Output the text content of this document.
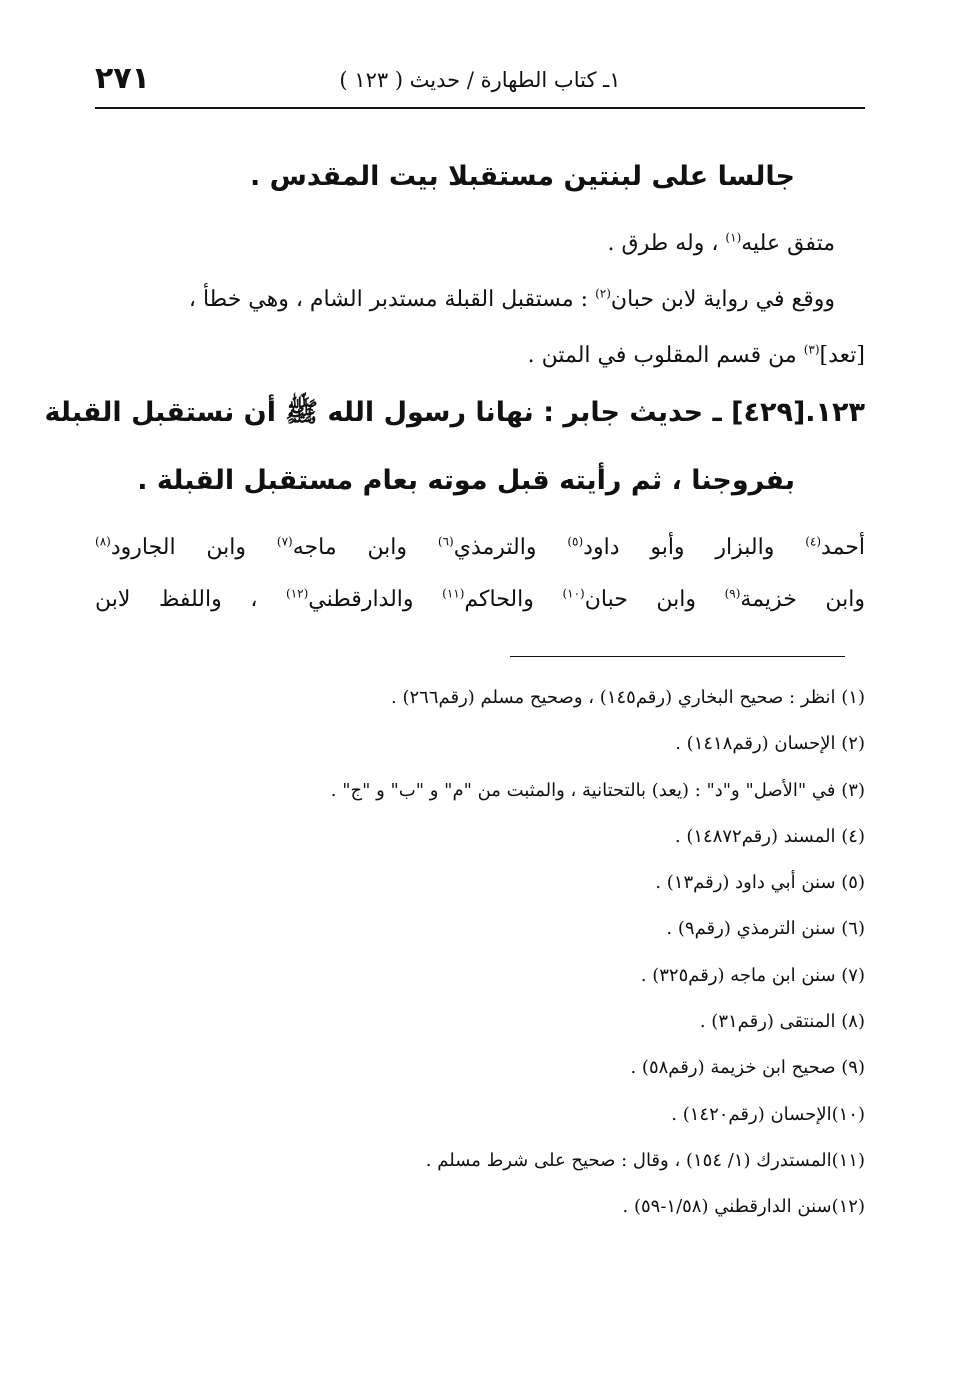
٢٧١	١ـ كتاب الطهارة / حديث ( ١٢٣ )
جالسا على لبنتين مستقبلا بيت المقدس .
متفق عليه$^{(١)}$ ، وله طرق .
ووقع في رواية لابن حبان$^{(٢)}$ : مستقبل القبلة مستدبر الشام ، وهي خطأ ،
[تعد]$^{(٣)}$ من قسم المقلوب في المتن .
١٢٣.[٤٢٩] ـ حديث جابر : نهانا رسول الله ﷺ أن نستقبل القبلة
بفروجنا ، ثم رأيته قبل موته بعام مستقبل القبلة .
أحمد$^{(٤)}$ والبزار وأبو داود$^{(٥)}$ والترمذي$^{(٦)}$ وابن ماجه$^{(٧)}$ وابن الجارود$^{(٨)}$
وابن خزيمة$^{(٩)}$ وابن حبان$^{(١٠)}$ والحاكم$^{(١١)}$ والدارقطني$^{(١٢)}$ ، واللفظ لابن
(١) انظر : صحيح البخاري (رقم١٤٥) ، وصحيح مسلم (رقم٢٦٦) .
(٢) الإحسان (رقم١٤١٨) .
(٣) في "الأصل" و"د" : (يعد) بالتحتانية ، والمثبت من "م" و "ب" و "ج" .
(٤) المسند (رقم١٤٨٧٢) .
(٥) سنن أبي داود (رقم١٣) .
(٦) سنن الترمذي (رقم٩) .
(٧) سنن ابن ماجه (رقم٣٢٥) .
(٨) المنتقى (رقم٣١) .
(٩) صحيح ابن خزيمة (رقم٥٨) .
(١٠)الإحسان (رقم١٤٢٠) .
(١١)المستدرك (١/ ١٥٤) ، وقال : صحيح على شرط مسلم .
(١٢)سنن الدارقطني (١/٥٨-٥٩) .
